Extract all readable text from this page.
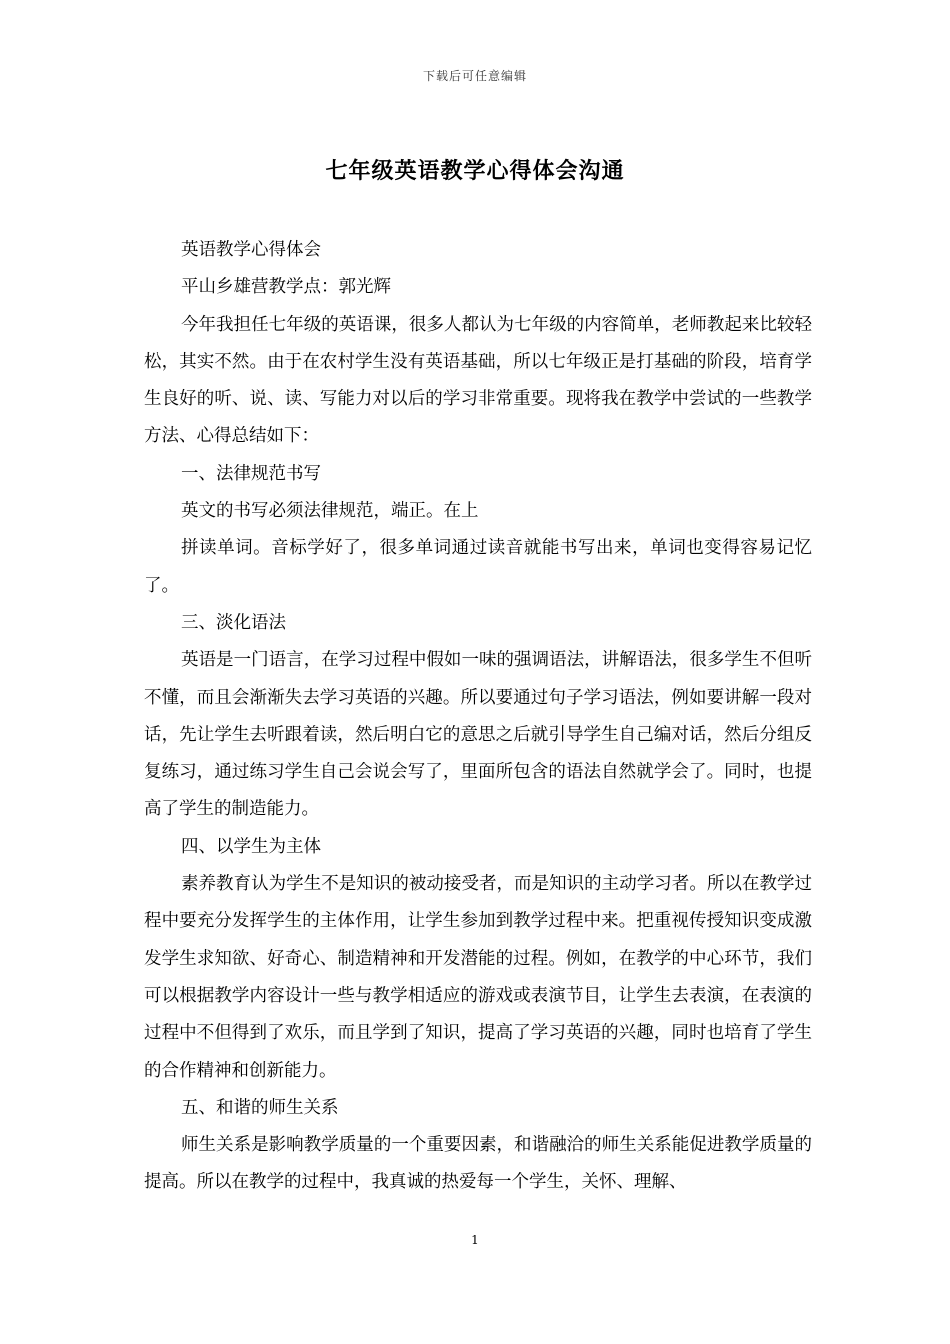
下载后可任意编辑
七年级英语教学心得体会沟通

英语教学心得体会

平山乡雄营教学点：郭光辉

今年我担任七年级的英语课，很多人都认为七年级的内容简单，老师教起来比较轻松，其实不然。由于在农村学生没有英语基础，所以七年级正是打基础的阶段，培育学生良好的听、说、读、写能力对以后的学习非常重要。现将我在教学中尝试的一些教学方法、心得总结如下：

一、法律规范书写

英文的书写必须法律规范，端正。在上

拼读单词。音标学好了，很多单词通过读音就能书写出来，单词也变得容易记忆了。

三、淡化语法

英语是一门语言，在学习过程中假如一味的强调语法，讲解语法，很多学生不但听不懂，而且会渐渐失去学习英语的兴趣。所以要通过句子学习语法，例如要讲解一段对话，先让学生去听跟着读，然后明白它的意思之后就引导学生自己编对话，然后分组反复练习，通过练习学生自己会说会写了，里面所包含的语法自然就学会了。同时，也提高了学生的制造能力。

四、以学生为主体

素养教育认为学生不是知识的被动接受者，而是知识的主动学习者。所以在教学过程中要充分发挥学生的主体作用，让学生参加到教学过程中来。把重视传授知识变成激发学生求知欲、好奇心、制造精神和开发潜能的过程。例如，在教学的中心环节，我们可以根据教学内容设计一些与教学相适应的游戏或表演节目，让学生去表演，在表演的过程中不但得到了欢乐，而且学到了知识，提高了学习英语的兴趣，同时也培育了学生的合作精神和创新能力。

五、和谐的师生关系

师生关系是影响教学质量的一个重要因素，和谐融洽的师生关系能促进教学质量的提高。所以在教学的过程中，我真诚的热爱每一个学生，关怀、理解、

1
